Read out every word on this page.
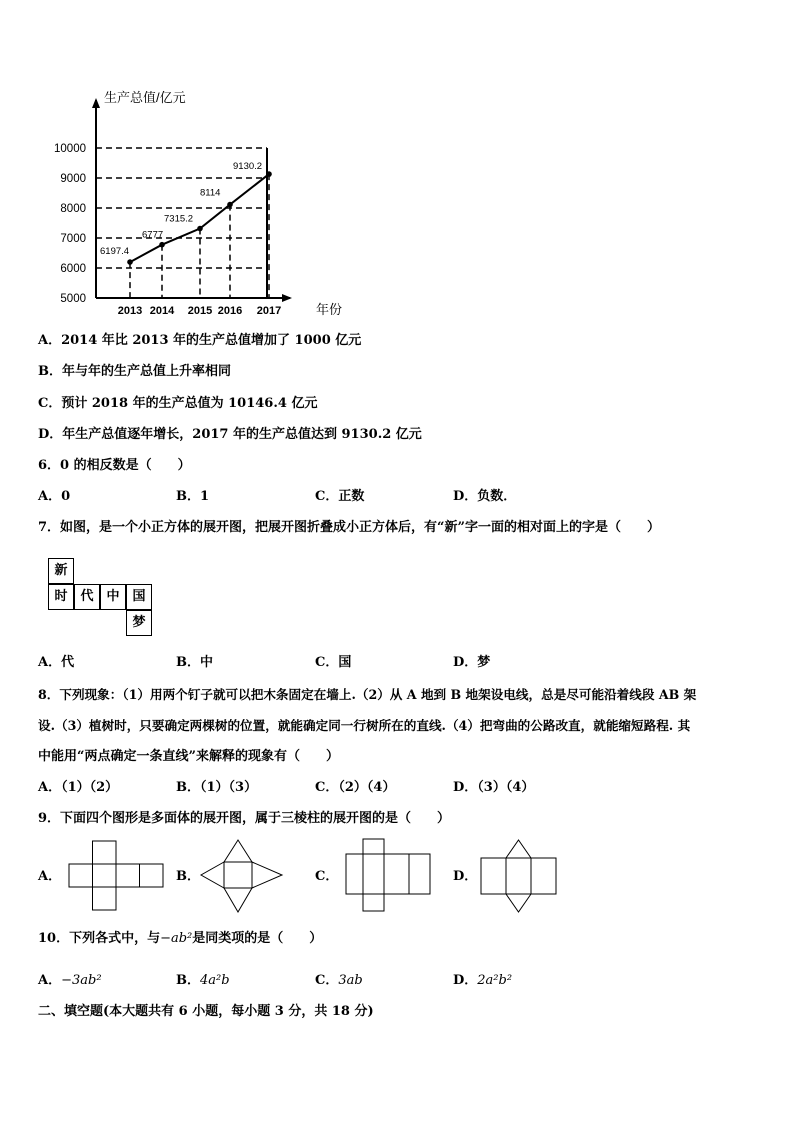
5000
6000
7000
8000
9000
10000
2013 2014 2015 2016 2017
生产总值/亿元
年份
6197.4
6777
7315.2
8114
9130.2
A．2014 年比 2013 年的生产总值增加了 1000 亿元
B．年与年的生产总值上升率相同
C．预计 2018 年的生产总值为 10146.4 亿元
D．年生产总值逐年增长，2017 年的生产总值达到 9130.2 亿元
6．0 的相反数是（　　）
A．0	B．1	C．正数	D．负数．
7．如图，是一个小正方体的展开图，把展开图折叠成小正方体后，有“新”字一面的相对面上的字是（　　）
新
时 代 中 国
梦
A．代	B．中	C．国	D．梦
8．下列现象：（1）用两个钉子就可以把木条固定在墙上.（2）从 A 地到 B 地架设电线，总是尽可能沿着线段 AB 架
设.（3）植树时，只要确定两棵树的位置，就能确定同一行树所在的直线.（4）把弯曲的公路改直，就能缩短路程. 其
中能用“两点确定一条直线”来解释的现象有（　　）
A．（1）（2）	B．（1）（3）	C．（2）（4）	D．（3）（4）
9．下面四个图形是多面体的展开图，属于三棱柱的展开图的是（　　）
A．	B．	C．	D．
10．下列各式中，与−ab²是同类项的是（　　）
A．−3ab²	B．4a²b	C．3ab	D．2a²b²
二、填空题(本大题共有 6 小题，每小题 3 分，共 18 分)
